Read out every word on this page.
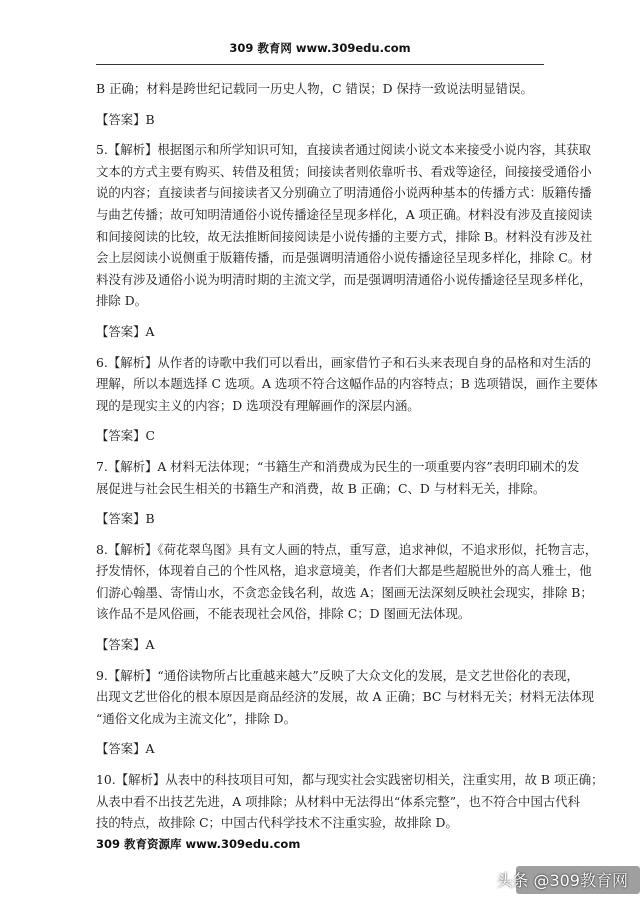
309 教育网 www.309edu.com

B 正确；材料是跨世纪记载同一历史人物，C 错误；D 保持一致说法明显错误。

【答案】B

5.【解析】根据图示和所学知识可知，直接读者通过阅读小说文本来接受小说内容，其获取
文本的方式主要有购买、转借及租赁；间接读者则依靠听书、看戏等途径，间接接受通俗小
说的内容；直接读者与间接读者又分别确立了明清通俗小说两种基本的传播方式：版籍传播
与曲艺传播；故可知明清通俗小说传播途径呈现多样化，A 项正确。材料没有涉及直接阅读
和间接阅读的比较，故无法推断间接阅读是小说传播的主要方式，排除 B。材料没有涉及社
会上层阅读小说侧重于版籍传播，而是强调明清通俗小说传播途径呈现多样化，排除 C。材
料没有涉及通俗小说为明清时期的主流文学，而是强调明清通俗小说传播途径呈现多样化，
排除 D。

【答案】A

6.【解析】从作者的诗歌中我们可以看出，画家借竹子和石头来表现自身的品格和对生活的
理解，所以本题选择 C 选项。A 选项不符合这幅作品的内容特点；B 选项错误，画作主要体
现的是现实主义的内容；D 选项没有理解画作的深层内涵。

【答案】C

7.【解析】A 材料无法体现；“书籍生产和消费成为民生的一项重要内容”表明印刷术的发
展促进与社会民生相关的书籍生产和消费，故 B 正确；C、D 与材料无关，排除。

【答案】B

8.【解析】《荷花翠鸟图》具有文人画的特点，重写意，追求神似，不追求形似，托物言志，
抒发情怀，体现着自己的个性风格，追求意境美，作者们大都是些超脱世外的高人雅士，他
们游心翰墨、寄情山水，不贪恋金钱名利，故选 A；图画无法深刻反映社会现实，排除 B；
该作品不是风俗画，不能表现社会风俗，排除 C；D 图画无法体现。

【答案】A

9.【解析】“通俗读物所占比重越来越大”反映了大众文化的发展，是文艺世俗化的表现，
出现文艺世俗化的根本原因是商品经济的发展，故 A 正确；BC 与材料无关；材料无法体现
“通俗文化成为主流文化”，排除 D。

【答案】A

10.【解析】从表中的科技项目可知，都与现实社会实践密切相关，注重实用，故 B 项正确；
从表中看不出技艺先进，A 项排除；从材料中无法得出“体系完整”，也不符合中国古代科
技的特点，故排除 C；中国古代科学技术不注重实验，故排除 D。

309 教育资源库 www.309edu.com
头条 @309教育网
